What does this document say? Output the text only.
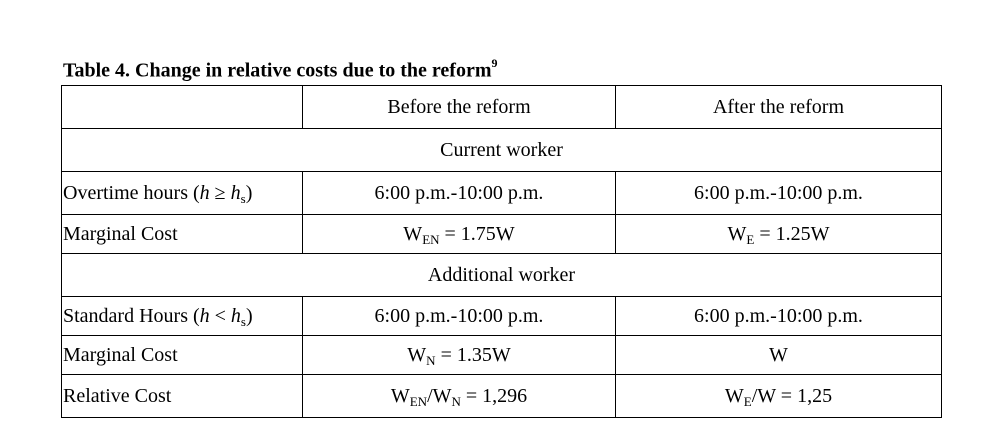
Table 4. Change in relative costs due to the reform$^9$
	Before the reform	After the reform
Current worker		
Overtime hours $(h \ge h_s)$	6:00 p.m.-10:00 p.m.	6:00 p.m.-10:00 p.m.
Marginal Cost	$W_{EN} = 1.75W$	$W_E = 1.25W$
Additional worker		
Standard Hours $(h < h_s)$	6:00 p.m.-10:00 p.m.	6:00 p.m.-10:00 p.m.
Marginal Cost	$W_N = 1.35W$	W
Relative Cost	$W_{EN}/W_N = 1,296$	$W_E/W = 1,25$
